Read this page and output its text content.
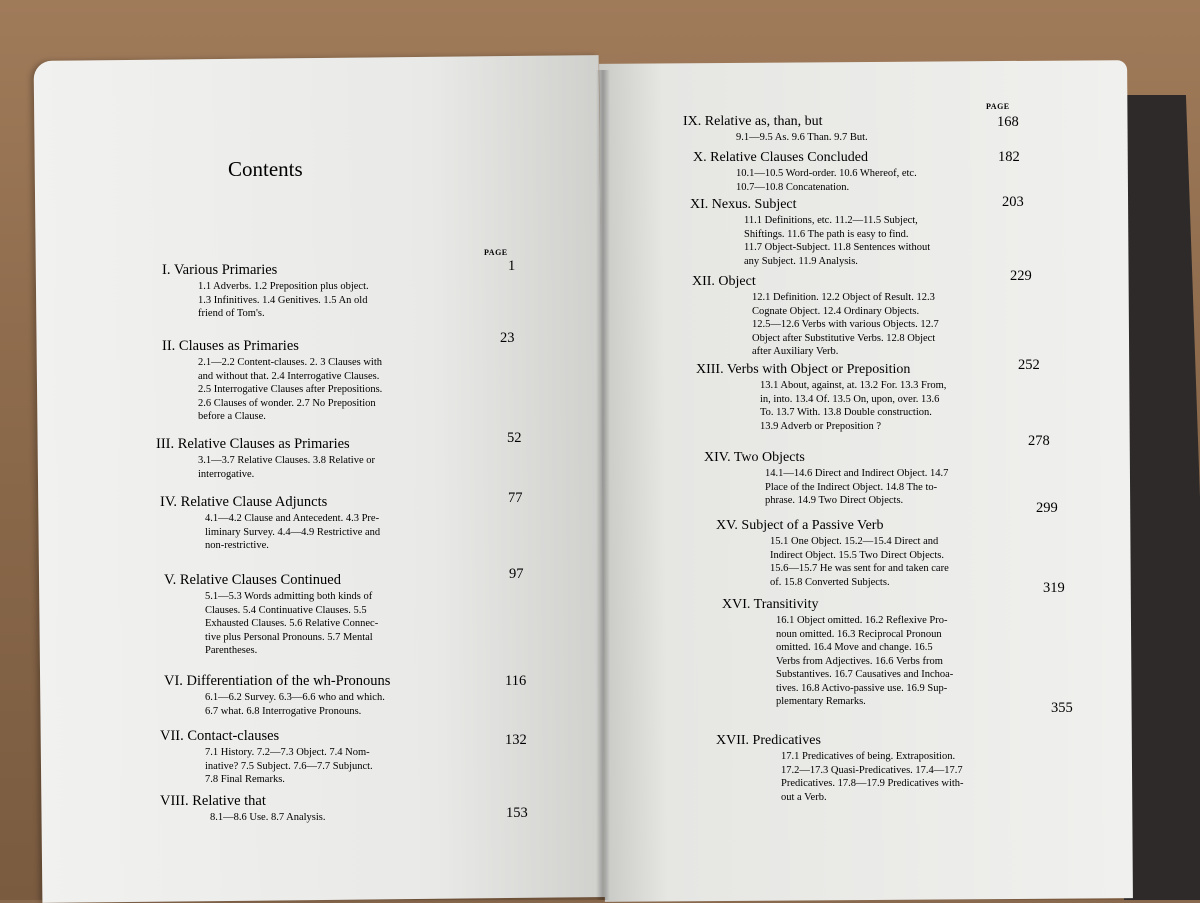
Contents
PAGE
PAGE
I. Various Primaries
1.1 Adverbs. 1.2 Preposition plus object.
1.3 Infinitives. 1.4 Genitives. 1.5 An old
friend of Tom's.
1
II. Clauses as Primaries
2.1—2.2 Content-clauses. 2. 3 Clauses with
and without that. 2.4 Interrogative Clauses.
2.5 Interrogative Clauses after Prepositions.
2.6 Clauses of wonder. 2.7 No Preposition
before a Clause.
23
III. Relative Clauses as Primaries
3.1—3.7 Relative Clauses. 3.8 Relative or
interrogative.
52
IV. Relative Clause Adjuncts
4.1—4.2 Clause and Antecedent. 4.3 Pre-
liminary Survey. 4.4—4.9 Restrictive and
non-restrictive.
77
V. Relative Clauses Continued
5.1—5.3 Words admitting both kinds of
Clauses. 5.4 Continuative Clauses. 5.5
Exhausted Clauses. 5.6 Relative Connec-
tive plus Personal Pronouns. 5.7 Mental
Parentheses.
97
VI. Differentiation of the wh-Pronouns
6.1—6.2 Survey. 6.3—6.6 who and which.
6.7 what. 6.8 Interrogative Pronouns.
116
VII. Contact-clauses
7.1 History. 7.2—7.3 Object. 7.4 Nom-
inative? 7.5 Subject. 7.6—7.7 Subjunct.
7.8 Final Remarks.
132
VIII. Relative that
8.1—8.6 Use. 8.7 Analysis.	153
IX. Relative as, than, but
9.1—9.5 As. 9.6 Than. 9.7 But.
168
X. Relative Clauses Concluded
10.1—10.5 Word-order. 10.6 Whereof, etc.
10.7—10.8 Concatenation.
182
XI. Nexus. Subject
11.1 Definitions, etc. 11.2—11.5 Subject,
Shiftings. 11.6 The path is easy to find.
11.7 Object-Subject. 11.8 Sentences without
any Subject. 11.9 Analysis.
203
XII. Object
12.1 Definition. 12.2 Object of Result. 12.3
Cognate Object. 12.4 Ordinary Objects.
12.5—12.6 Verbs with various Objects. 12.7
Object after Substitutive Verbs. 12.8 Object
after Auxiliary Verb.
229
XIII. Verbs with Object or Preposition
13.1 About, against, at. 13.2 For. 13.3 From,
in, into. 13.4 Of. 13.5 On, upon, over. 13.6
To. 13.7 With. 13.8 Double construction.
13.9 Adverb or Preposition ?
252
XIV. Two Objects
14.1—14.6 Direct and Indirect Object. 14.7
Place of the Indirect Object. 14.8 The to-
phrase. 14.9 Two Direct Objects.
278
XV. Subject of a Passive Verb
15.1 One Object. 15.2—15.4 Direct and
Indirect Object. 15.5 Two Direct Objects.
15.6—15.7 He was sent for and taken care
of. 15.8 Converted Subjects.
299
XVI. Transitivity
16.1 Object omitted. 16.2 Reflexive Pro-
noun omitted. 16.3 Reciprocal Pronoun
omitted. 16.4 Move and change. 16.5
Verbs from Adjectives. 16.6 Verbs from
Substantives. 16.7 Causatives and Inchoa-
tives. 16.8 Activo-passive use. 16.9 Sup-
plementary Remarks.
319
XVII. Predicatives
17.1 Predicatives of being. Extraposition.
17.2—17.3 Quasi-Predicatives. 17.4—17.7
Predicatives. 17.8—17.9 Predicatives with-
out a Verb.
355
